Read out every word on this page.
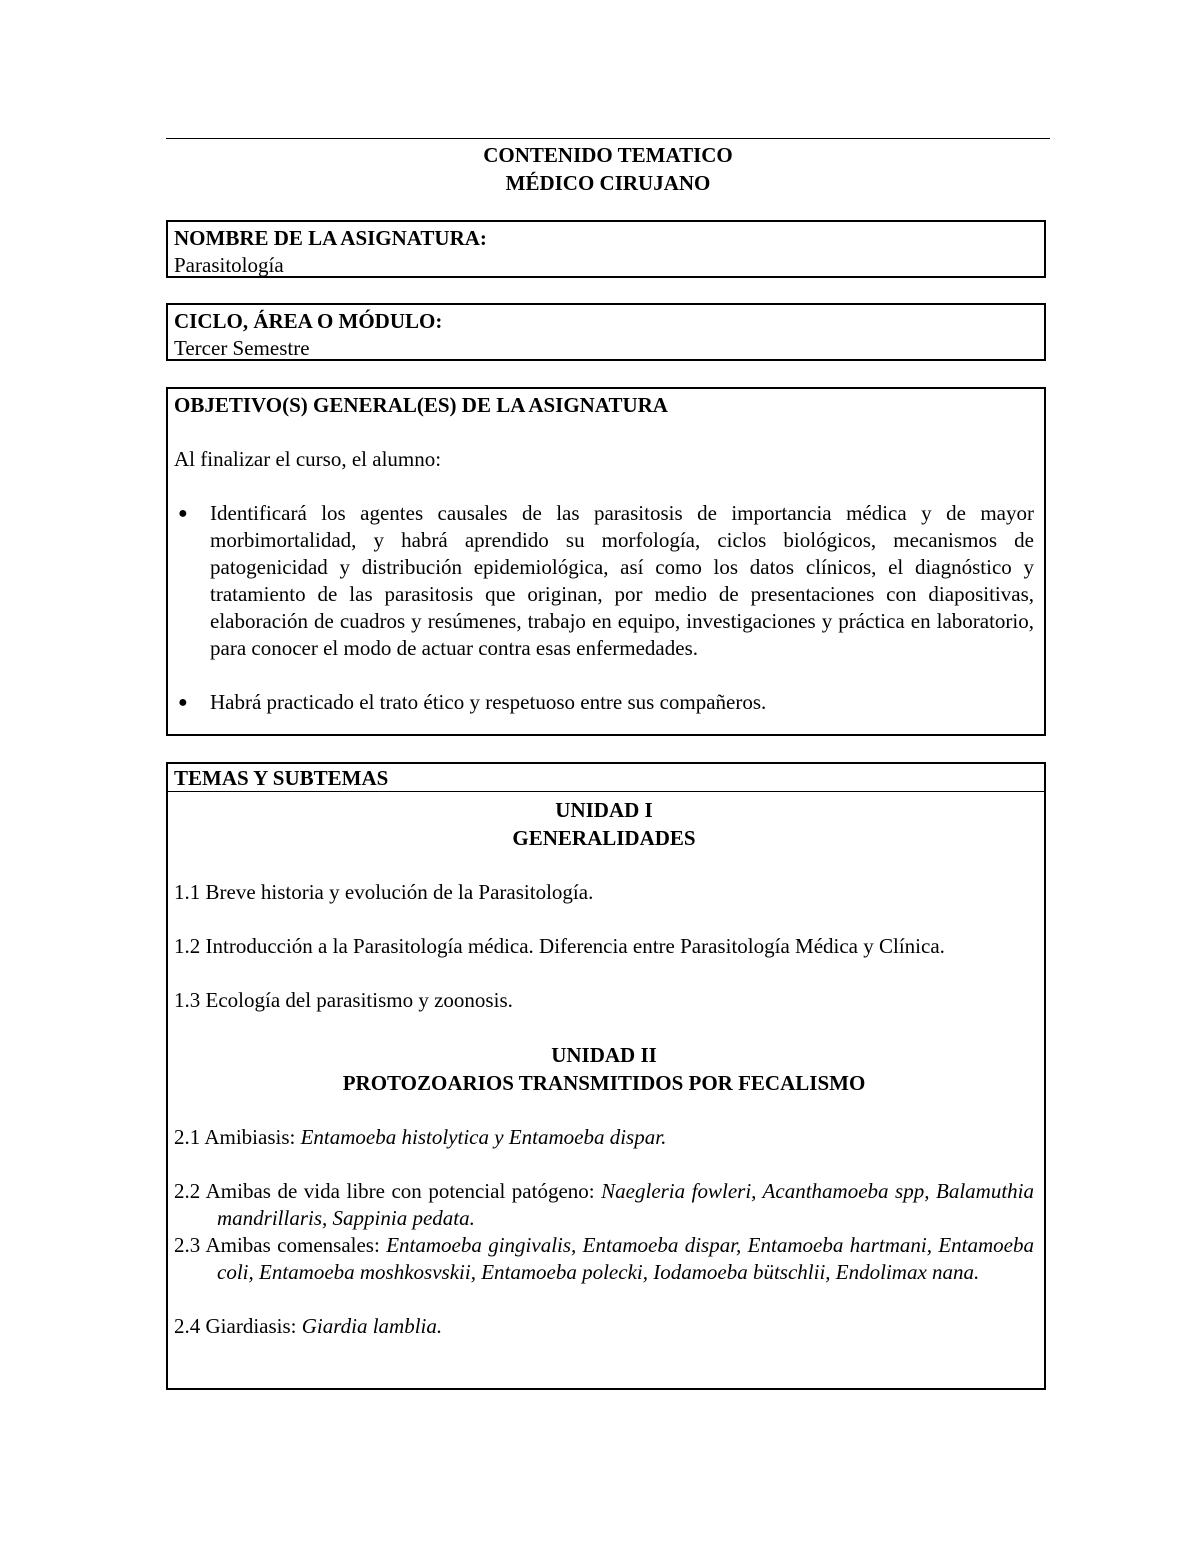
CONTENIDO TEMATICO
MÉDICO CIRUJANO
NOMBRE DE LA ASIGNATURA:
Parasitología
CICLO, ÁREA O MÓDULO:
Tercer Semestre
OBJETIVO(S) GENERAL(ES) DE LA ASIGNATURA
Al finalizar el curso, el alumno:
● Identificará los agentes causales de las parasitosis de importancia médica y de mayor morbimortalidad, y habrá aprendido su morfología, ciclos biológicos, mecanismos de patogenicidad y distribución epidemiológica, así como los datos clínicos, el diagnóstico y tratamiento de las parasitosis que originan, por medio de presentaciones con diapositivas, elaboración de cuadros y resúmenes, trabajo en equipo, investigaciones y práctica en laboratorio, para conocer el modo de actuar contra esas enfermedades.
● Habrá practicado el trato ético y respetuoso entre sus compañeros.
TEMAS Y SUBTEMAS
UNIDAD I
GENERALIDADES
1.1 Breve historia y evolución de la Parasitología.
1.2 Introducción a la Parasitología médica. Diferencia entre Parasitología Médica y Clínica.
1.3 Ecología del parasitismo y zoonosis.
UNIDAD II
PROTOZOARIOS TRANSMITIDOS POR FECALISMO
2.1 Amibiasis: Entamoeba histolytica y Entamoeba dispar.
2.2 Amibas de vida libre con potencial patógeno: Naegleria fowleri, Acanthamoeba spp, Balamuthia mandrillaris, Sappinia pedata.
2.3 Amibas comensales: Entamoeba gingivalis, Entamoeba dispar, Entamoeba hartmani, Entamoeba coli, Entamoeba moshkosvskii, Entamoeba polecki, Iodamoeba bütschlii, Endolimax nana.
2.4 Giardiasis: Giardia lamblia.
